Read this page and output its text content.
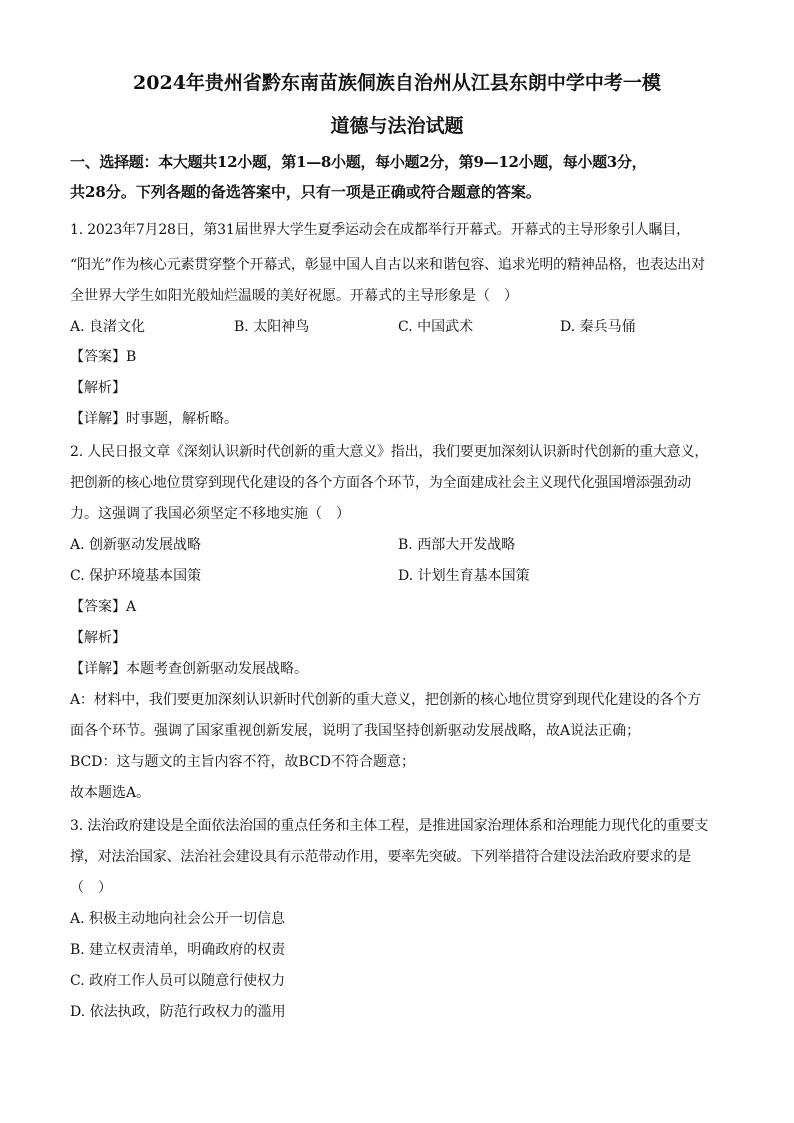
2024年贵州省黔东南苗族侗族自治州从江县东朗中学中考一模
道德与法治试题
一、选择题：本大题共12小题，第1—8小题，每小题2分，第9—12小题，每小题3分，
共28分。下列各题的备选答案中，只有一项是正确或符合题意的答案。
1. 2023年7月28日，第31届世界大学生夏季运动会在成都举行开幕式。开幕式的主导形象引人瞩目，
“阳光”作为核心元素贯穿整个开幕式，彰显中国人自古以来和谐包容、追求光明的精神品格，也表达出对
全世界大学生如阳光般灿烂温暖的美好祝愿。开幕式的主导形象是（　）
A. 良渚文化	B. 太阳神鸟	C. 中国武术	D. 秦兵马俑
【答案】B
【解析】
【详解】时事题，解析略。
2. 人民日报文章《深刻认识新时代创新的重大意义》指出，我们要更加深刻认识新时代创新的重大意义，
把创新的核心地位贯穿到现代化建设的各个方面各个环节，为全面建成社会主义现代化强国增添强劲动
力。这强调了我国必须坚定不移地实施（　）
A. 创新驱动发展战略	B. 西部大开发战略
C. 保护环境基本国策	D. 计划生育基本国策
【答案】A
【解析】
【详解】本题考查创新驱动发展战略。
A：材料中，我们要更加深刻认识新时代创新的重大意义，把创新的核心地位贯穿到现代化建设的各个方
面各个环节。强调了国家重视创新发展，说明了我国坚持创新驱动发展战略，故A说法正确；
BCD：这与题文的主旨内容不符，故BCD不符合题意；
故本题选A。
3. 法治政府建设是全面依法治国的重点任务和主体工程，是推进国家治理体系和治理能力现代化的重要支
撑，对法治国家、法治社会建设具有示范带动作用，要率先突破。下列举措符合建设法治政府要求的是
（　）
A. 积极主动地向社会公开一切信息
B. 建立权责清单，明确政府的权责
C. 政府工作人员可以随意行使权力
D. 依法执政，防范行政权力的滥用
